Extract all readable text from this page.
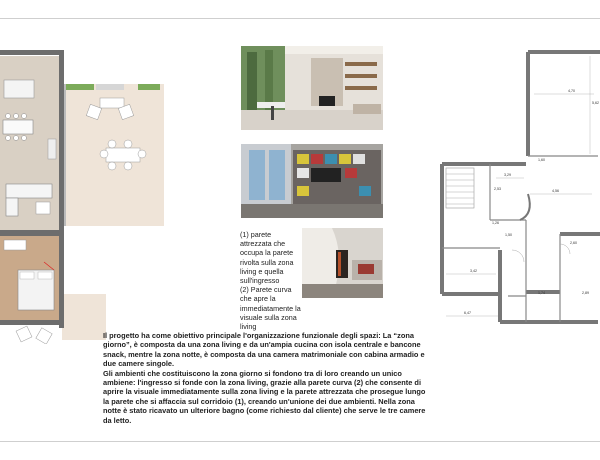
(1) parete attrezzata che occupa la parete rivolta sulla zona living e quella sull'ingresso

(2) Parete curva che apre la immediatamente la visuale sulla zona living

Il progetto ha come obiettivo principale l'organizzazione funzionale degli spazi: La “zona giorno”, è composta da una zona living e da un'ampia cucina con isola centrale e bancone snack, mentre la zona notte, è composta da una camera matrimoniale con cabina armadio e due camere singole.

Gli ambienti che costituiscono la zona giorno si fondono tra di loro creando un unico ambiene: l'ingresso si fonde con la zona living, grazie alla parete curva (2) che consente di aprire la visuale immediatamente sulla zona living e la parete attrezzata che prosegue lungo la parete che si affaccia sul corridoio (1), creando un'unione dei due ambienti. Nella zona notte è stato ricavato un ulteriore bagno (come richiesto dal cliente) che serve le tre camere da letto.

4,70
5,62
1,60
3,29
4,56
2,53
1,26
1,50
2,60
3,42
1,74	2,89
6,47
